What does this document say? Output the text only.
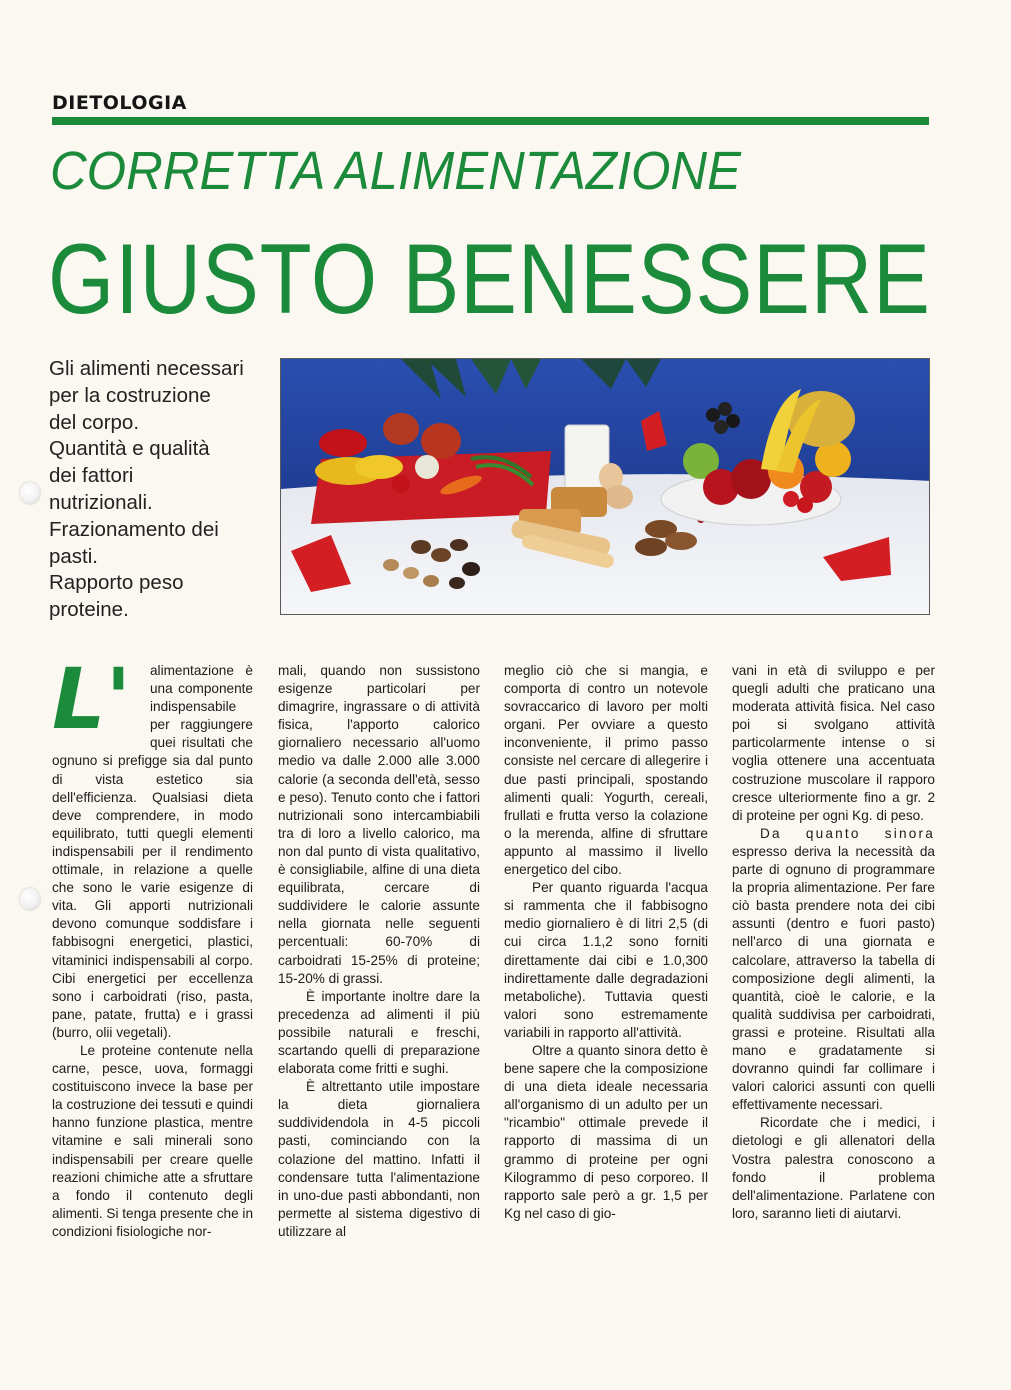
DIETOLOGIA
CORRETTA ALIMENTAZIONE
GIUSTO BENESSERE
Gli alimenti necessari
per la costruzione
del corpo.
Quantità e qualità
dei fattori
nutrizionali.
Frazionamento dei
pasti.
Rapporto peso
proteine.

L'	alimentazione è una componente indispensabile per raggiungere quei risultati che ognuno si prefigge sia dal punto di vista estetico sia dell'efficienza. Qualsiasi dieta deve comprendere, in modo equilibrato, tutti quegli elementi indispensabili per il rendimento ottimale, in relazione a quelle che sono le varie esigenze di vita. Gli apporti nutrizionali devono comunque soddisfare i fabbisogni energetici, plastici, vitaminici indispensabili al corpo. Cibi energetici per eccellenza sono i carboidrati (riso, pasta, pane, patate, frutta) e i grassi (burro, olii vegetali).

Le proteine contenute nella carne, pesce, uova, formaggi costituiscono invece la base per la costruzione dei tessuti e quindi hanno funzione plastica, mentre vitamine e sali minerali sono indispensabili per creare quelle reazioni chimiche atte a sfruttare a fondo il contenuto degli alimenti. Si tenga presente che in condizioni fisiologiche nor-

mali, quando non sussistono esigenze particolari per dimagrire, ingrassare o di attività fisica, l'apporto calorico giornaliero necessario all'uomo medio va dalle 2.000 alle 3.000 calorie (a seconda dell'età, sesso e peso). Tenuto conto che i fattori nutrizionali sono intercambiabili tra di loro a livello calorico, ma non dal punto di vista qualitativo, è consigliabile, alfine di una dieta equilibrata, cercare di suddividere le calorie assunte nella giornata nelle seguenti percentuali: 60-70% di carboidrati 15-25% di proteine; 15-20% di grassi.

È importante inoltre dare la precedenza ad alimenti il più possibile naturali e freschi, scartando quelli di preparazione elaborata come fritti e sughi.

È altrettanto utile impostare la dieta giornaliera suddividendola in 4-5 piccoli pasti, cominciando con la colazione del mattino. Infatti il condensare tutta l'alimentazione in uno-due pasti abbondanti, non permette al sistema digestivo di utilizzare al

meglio ciò che si mangia, e comporta di contro un notevole sovraccarico di lavoro per molti organi. Per ovviare a questo inconveniente, il primo passo consiste nel cercare di allegerire i due pasti principali, spostando alimenti quali: Yogurth, cereali, frullati e frutta verso la colazione o la merenda, alfine di sfruttare appunto al massimo il livello energetico del cibo.

Per quanto riguarda l'acqua si rammenta che il fabbisogno medio giornaliero è di litri 2,5 (di cui circa 1.1,2 sono forniti direttamente dai cibi e 1.0,300 indirettamente dalle degradazioni metaboliche). Tuttavia questi valori sono estremamente variabili in rapporto all'attività.

Oltre a quanto sinora detto è bene sapere che la composizione di una dieta ideale necessaria all'organismo di un adulto per un "ricambio" ottimale prevede il rapporto di massima di un grammo di proteine per ogni Kilogrammo di peso corporeo. Il rapporto sale però a gr. 1,5 per Kg nel caso di gio-

vani in età di sviluppo e per quegli adulti che praticano una moderata attività fisica. Nel caso poi si svolgano attività particolarmente intense o si voglia ottenere una accentuata costruzione muscolare il rapporo cresce ulteriormente fino a gr. 2 di proteine per ogni Kg. di peso.

Da quanto sinora espresso deriva la necessità da parte di ognuno di programmare la propria alimentazione. Per fare ciò basta prendere nota dei cibi assunti (dentro e fuori pasto) nell'arco di una giornata e calcolare, attraverso la tabella di composizione degli alimenti, la quantità, cioè le calorie, e la qualità suddivisa per carboidrati, grassi e proteine. Risultati alla mano e gradatamente si dovranno quindi far collimare i valori calorici assunti con quelli effettivamente necessari.

Ricordate che i medici, i dietologi e gli allenatori della Vostra palestra conoscono a fondo il problema dell'alimentazione. Parlatene con loro, saranno lieti di aiutarvi.
